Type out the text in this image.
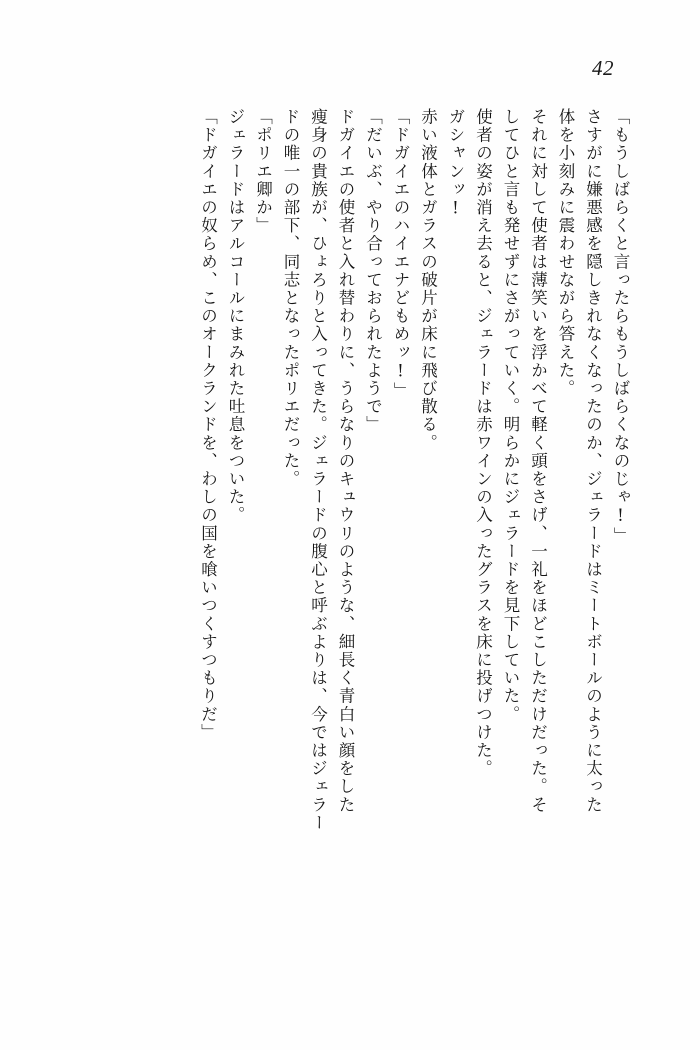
42
「もうしばらくと言ったらもうしばらくなのじゃ!」
さすがに嫌悪感を隠しきれなくなったのか、ジェラードはミートボールのように太った
体を小刻みに震わせながら答えた。
それに対して使者は薄笑いを浮かべて軽く頭をさげ、一礼をほどこしただけだった。そ
してひと言も発せずにさがっていく。明らかにジェラードを見下していた。
使者の姿が消え去ると、ジェラードは赤ワインの入ったグラスを床に投げつけた。
ガシャンッ!
赤い液体とガラスの破片が床に飛び散る。
「ドガイエのハイエナどもめッ!」
「だいぶ、やり合っておられたようで」
ドガイエの使者と入れ替わりに、うらなりのキュウリのような、細長く青白い顔をした
痩身の貴族が、ひょろりと入ってきた。ジェラードの腹心と呼ぶよりは、今ではジェラー
ドの唯一の部下、同志となったポリエだった。
「ポリエ卿か」
ジェラードはアルコールにまみれた吐息をついた。
「ドガイエの奴らめ、このオークランドを、わしの国を喰いつくすつもりだ」
